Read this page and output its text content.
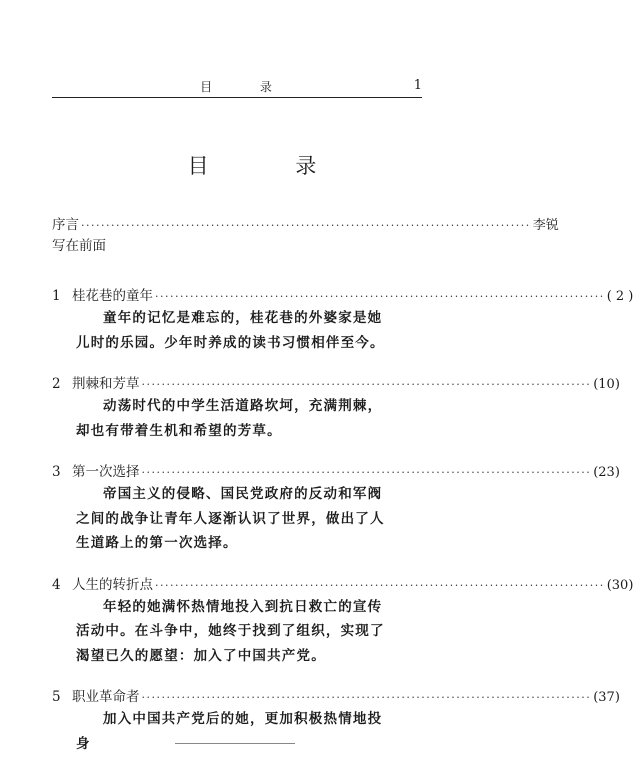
目 录	1
目 录
序言 ·························································································· 李锐
写在前面
1 桂花巷的童年 ·························································································· ( 2 )

童年的记忆是难忘的，桂花巷的外婆家是她儿时的乐园。少年时养成的读书习惯相伴至今。

2 荆棘和芳草 ·························································································· (10)

动荡时代的中学生活道路坎坷，充满荆棘，却也有带着生机和希望的芳草。

3 第一次选择 ·························································································· (23)

帝国主义的侵略、国民党政府的反动和军阀之间的战争让青年人逐渐认识了世界，做出了人生道路上的第一次选择。

4 人生的转折点 ·························································································· (30)

年轻的她满怀热情地投入到抗日救亡的宣传活动中。在斗争中，她终于找到了组织，实现了渴望已久的愿望：加入了中国共产党。

5 职业革命者 ·························································································· (37)

加入中国共产党后的她，更加积极热情地投身
